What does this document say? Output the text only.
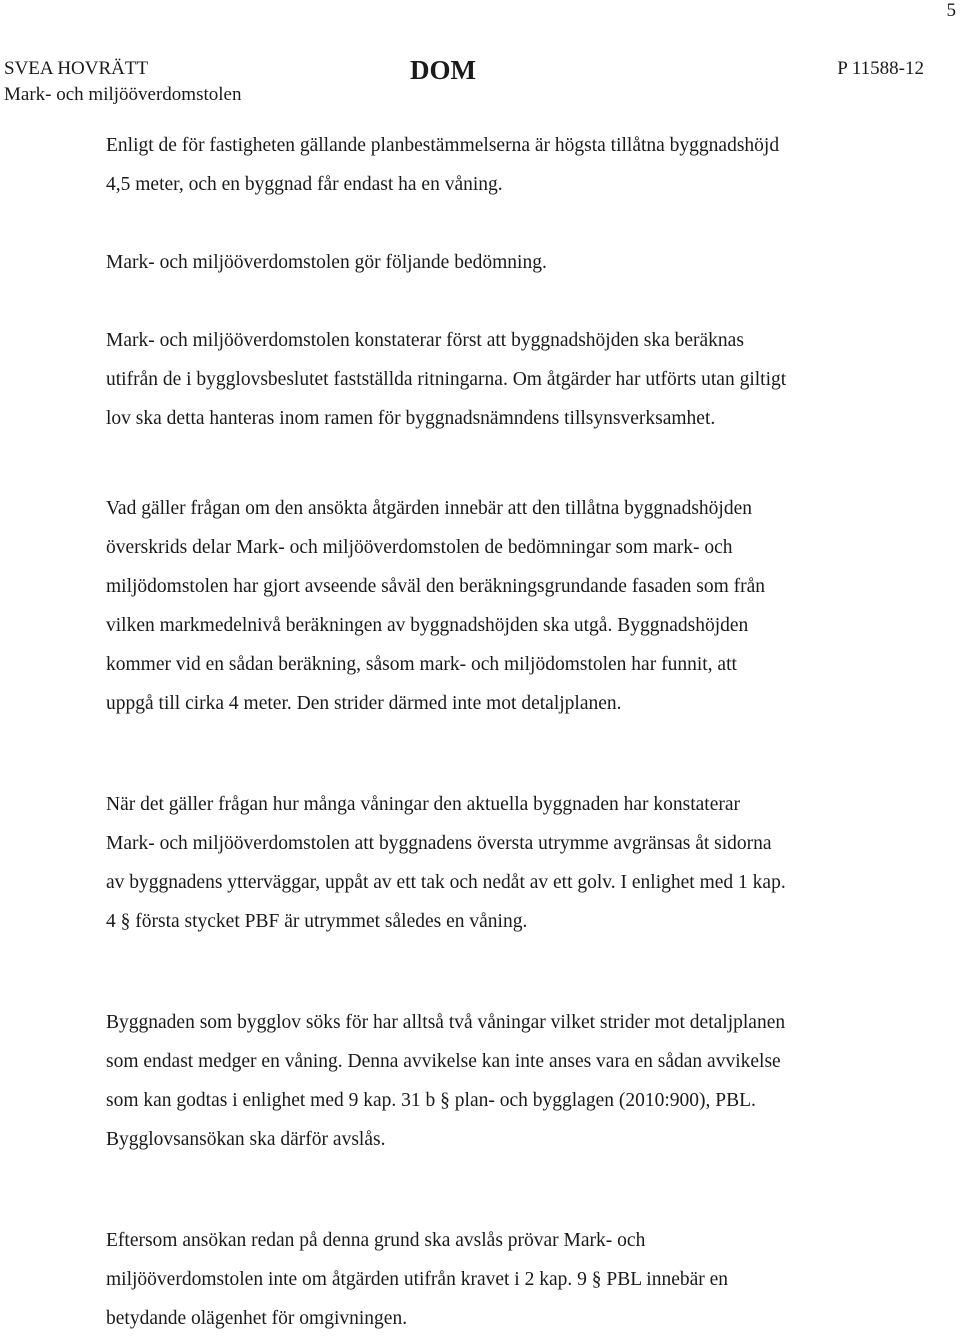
5
SVEA HOVRÄTT
Mark- och miljööverdomstolen
DOM	P 11588-12
Enligt de för fastigheten gällande planbestämmelserna är högsta tillåtna byggnadshöjd
4,5 meter, och en byggnad får endast ha en våning.
Mark- och miljööverdomstolen gör följande bedömning.
Mark- och miljööverdomstolen konstaterar först att byggnadshöjden ska beräknas
utifrån de i bygglovsbeslutet fastställda ritningarna. Om åtgärder har utförts utan giltigt
lov ska detta hanteras inom ramen för byggnadsnämndens tillsynsverksamhet.
Vad gäller frågan om den ansökta åtgärden innebär att den tillåtna byggnadshöjden
överskrids delar Mark- och miljööverdomstolen de bedömningar som mark- och
miljödomstolen har gjort avseende såväl den beräkningsgrundande fasaden som från
vilken markmedelnivå beräkningen av byggnadshöjden ska utgå. Byggnadshöjden
kommer vid en sådan beräkning, såsom mark- och miljödomstolen har funnit, att
uppgå till cirka 4 meter. Den strider därmed inte mot detaljplanen.
När det gäller frågan hur många våningar den aktuella byggnaden har konstaterar
Mark- och miljööverdomstolen att byggnadens översta utrymme avgränsas åt sidorna
av byggnadens ytterväggar, uppåt av ett tak och nedåt av ett golv. I enlighet med 1 kap.
4 § första stycket PBF är utrymmet således en våning.
Byggnaden som bygglov söks för har alltså två våningar vilket strider mot detaljplanen
som endast medger en våning. Denna avvikelse kan inte anses vara en sådan avvikelse
som kan godtas i enlighet med 9 kap. 31 b § plan- och bygglagen (2010:900), PBL.
Bygglovsansökan ska därför avslås.
Eftersom ansökan redan på denna grund ska avslås prövar Mark- och
miljööverdomstolen inte om åtgärden utifrån kravet i 2 kap. 9 § PBL innebär en
betydande olägenhet för omgivningen.
